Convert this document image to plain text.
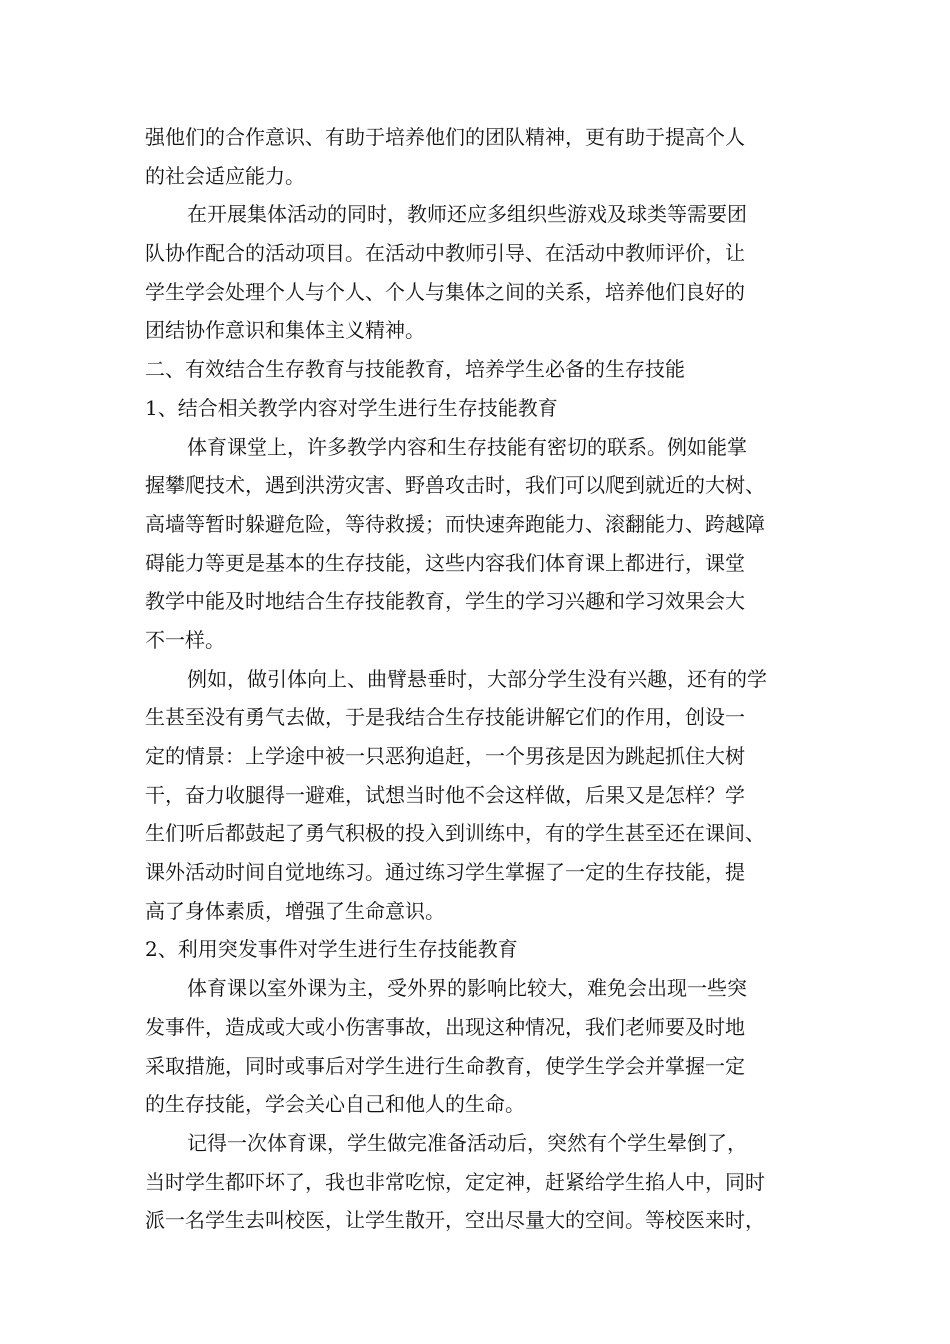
强他们的合作意识、有助于培养他们的团队精神，更有助于提高个人
的社会适应能力。
在开展集体活动的同时，教师还应多组织些游戏及球类等需要团
队协作配合的活动项目。在活动中教师引导、在活动中教师评价，让
学生学会处理个人与个人、个人与集体之间的关系，培养他们良好的
团结协作意识和集体主义精神。
二、有效结合生存教育与技能教育，培养学生必备的生存技能
1、结合相关教学内容对学生进行生存技能教育
体育课堂上，许多教学内容和生存技能有密切的联系。例如能掌
握攀爬技术，遇到洪涝灾害、野兽攻击时，我们可以爬到就近的大树、
高墙等暂时躲避危险，等待救援；而快速奔跑能力、滚翻能力、跨越障
碍能力等更是基本的生存技能，这些内容我们体育课上都进行，课堂
教学中能及时地结合生存技能教育，学生的学习兴趣和学习效果会大
不一样。
例如，做引体向上、曲臂悬垂时，大部分学生没有兴趣，还有的学
生甚至没有勇气去做，于是我结合生存技能讲解它们的作用，创设一
定的情景：上学途中被一只恶狗追赶，一个男孩是因为跳起抓住大树
干，奋力收腿得一避难，试想当时他不会这样做，后果又是怎样？学
生们听后都鼓起了勇气积极的投入到训练中，有的学生甚至还在课间、
课外活动时间自觉地练习。通过练习学生掌握了一定的生存技能，提
高了身体素质，增强了生命意识。
2、利用突发事件对学生进行生存技能教育
体育课以室外课为主，受外界的影响比较大，难免会出现一些突
发事件，造成或大或小伤害事故，出现这种情况，我们老师要及时地
采取措施，同时或事后对学生进行生命教育，使学生学会并掌握一定
的生存技能，学会关心自己和他人的生命。
记得一次体育课，学生做完准备活动后，突然有个学生晕倒了，
当时学生都吓坏了，我也非常吃惊，定定神，赶紧给学生掐人中，同时
派一名学生去叫校医，让学生散开，空出尽量大的空间。等校医来时，
